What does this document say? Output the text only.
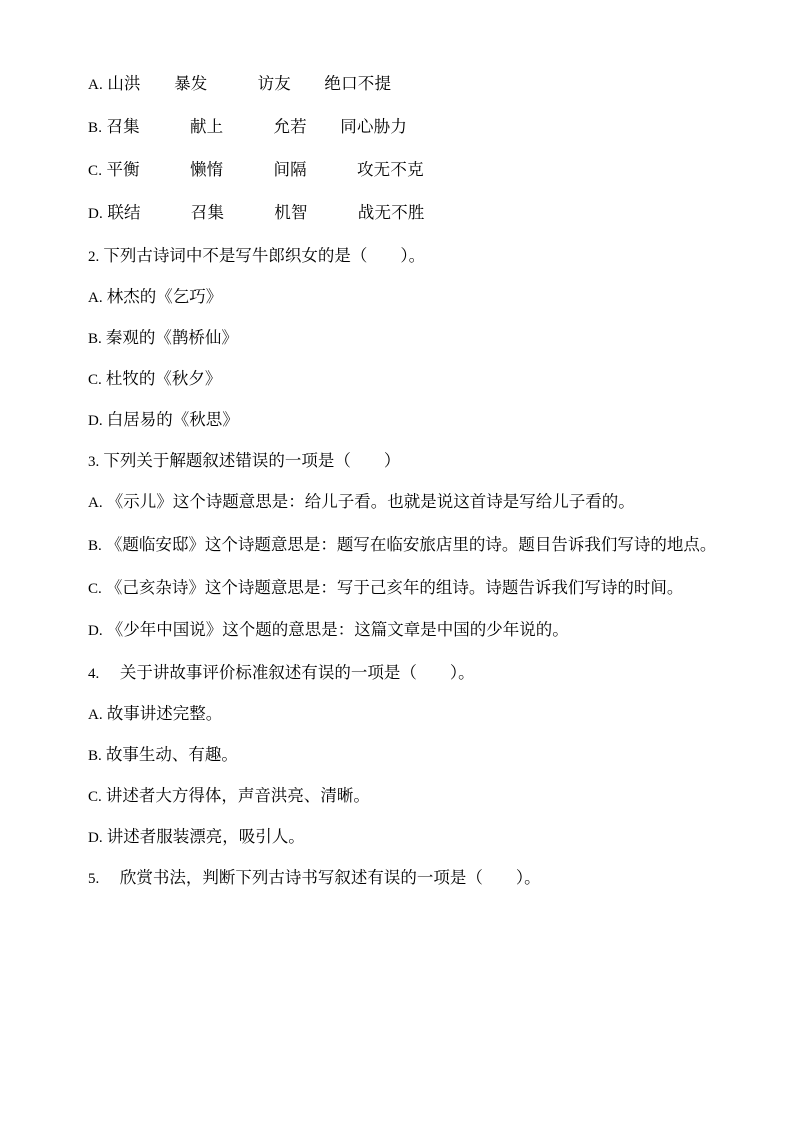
A. 山洪　　暴发　　　访友　　绝口不提
B. 召集　　　献上　　　允若　　同心胁力
C. 平衡　　　懒惰　　　间隔　　　攻无不克
D. 联结　　　召集　　　机智　　　战无不胜
2. 下列古诗词中不是写牛郎织女的是（　　）。
A. 林杰的《乞巧》
B. 秦观的《鹊桥仙》
C. 杜牧的《秋夕》
D. 白居易的《秋思》
3. 下列关于解题叙述错误的一项是（　　）
A. 《示儿》这个诗题意思是：给儿子看。也就是说这首诗是写给儿子看的。
B. 《题临安邸》这个诗题意思是：题写在临安旅店里的诗。题目告诉我们写诗的地点。
C. 《己亥杂诗》这个诗题意思是：写于己亥年的组诗。诗题告诉我们写诗的时间。
D. 《少年中国说》这个题的意思是：这篇文章是中国的少年说的。
4. 　关于讲故事评价标准叙述有误的一项是（　　）。
A. 故事讲述完整。
B. 故事生动、有趣。
C. 讲述者大方得体，声音洪亮、清晰。
D. 讲述者服装漂亮，吸引人。
5. 　欣赏书法，判断下列古诗书写叙述有误的一项是（　　）。
